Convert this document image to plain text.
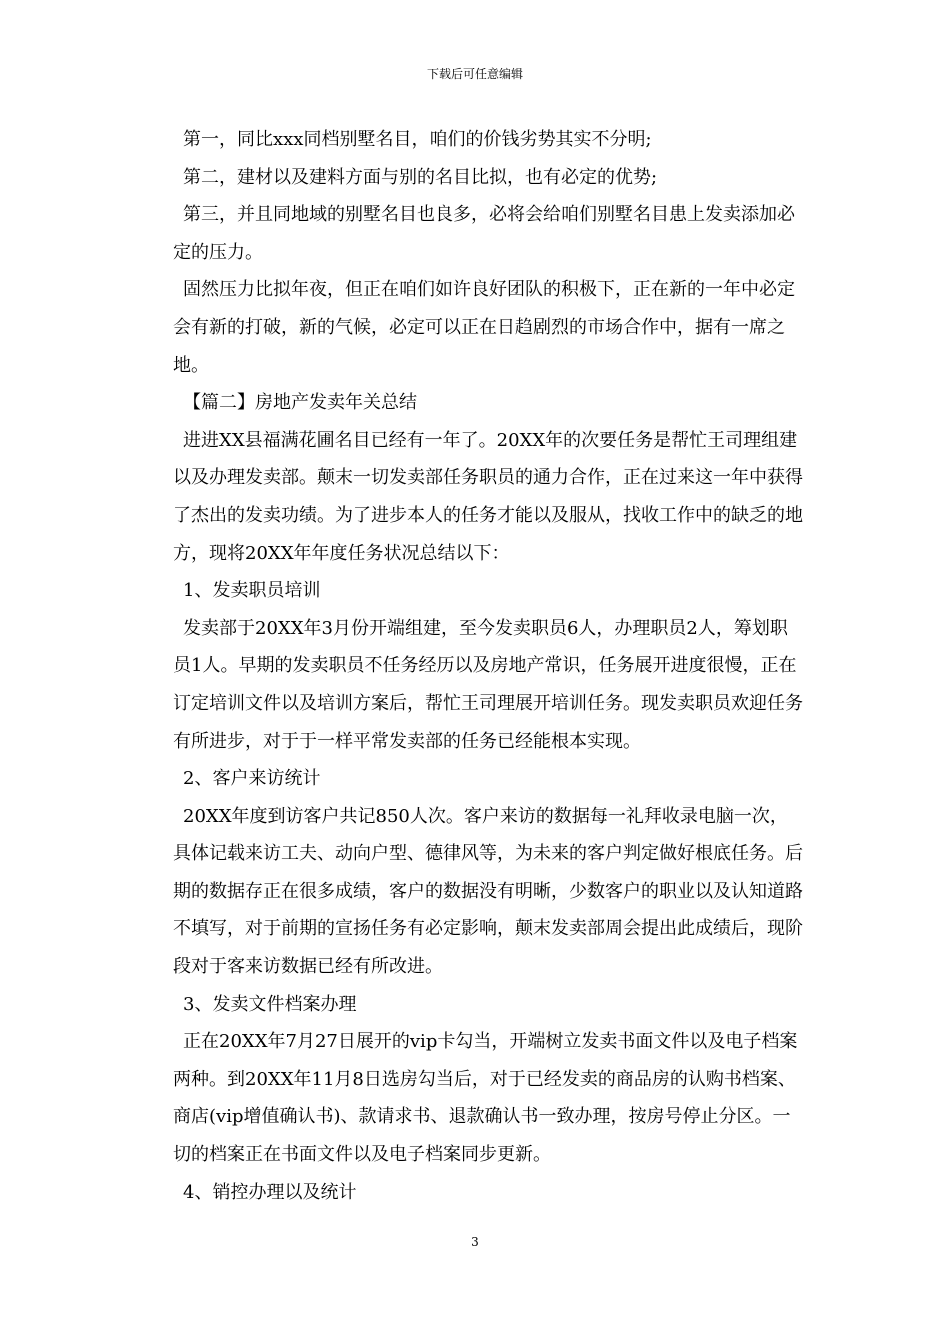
下载后可任意编辑

第一，同比xxx同档别墅名目，咱们的价钱劣势其实不分明;

第二，建材以及建料方面与别的名目比拟，也有必定的优势;

第三，并且同地域的别墅名目也良多，必将会给咱们别墅名目患上发卖添加必定的压力。

固然压力比拟年夜，但正在咱们如许良好团队的积极下，正在新的一年中必定会有新的打破，新的气候，必定可以正在日趋剧烈的市场合作中，据有一席之地。

【篇二】房地产发卖年关总结

进进XX县福满花圃名目已经有一年了。20XX年的次要任务是帮忙王司理组建以及办理发卖部。颠末一切发卖部任务职员的通力合作，正在过来这一年中获得了杰出的发卖功绩。为了进步本人的任务才能以及服从，找收工作中的缺乏的地方，现将20XX年年度任务状况总结以下：

1、发卖职员培训

发卖部于20XX年3月份开端组建，至今发卖职员6人，办理职员2人，筹划职员1人。早期的发卖职员不任务经历以及房地产常识，任务展开进度很慢，正在订定培训文件以及培训方案后，帮忙王司理展开培训任务。现发卖职员欢迎任务有所进步，对于于一样平常发卖部的任务已经能根本实现。

2、客户来访统计

20XX年度到访客户共记850人次。客户来访的数据每一礼拜收录电脑一次，具体记载来访工夫、动向户型、德律风等，为未来的客户判定做好根底任务。后期的数据存正在很多成绩，客户的数据没有明晰，少数客户的职业以及认知道路不填写，对于前期的宣扬任务有必定影响，颠末发卖部周会提出此成绩后，现阶段对于客来访数据已经有所改进。

3、发卖文件档案办理

正在20XX年7月27日展开的vip卡勾当，开端树立发卖书面文件以及电子档案两种。到20XX年11月8日选房勾当后，对于已经发卖的商品房的认购书档案、商店(vip增值确认书)、款请求书、退款确认书一致办理，按房号停止分区。一切的档案正在书面文件以及电子档案同步更新。

4、销控办理以及统计

3
